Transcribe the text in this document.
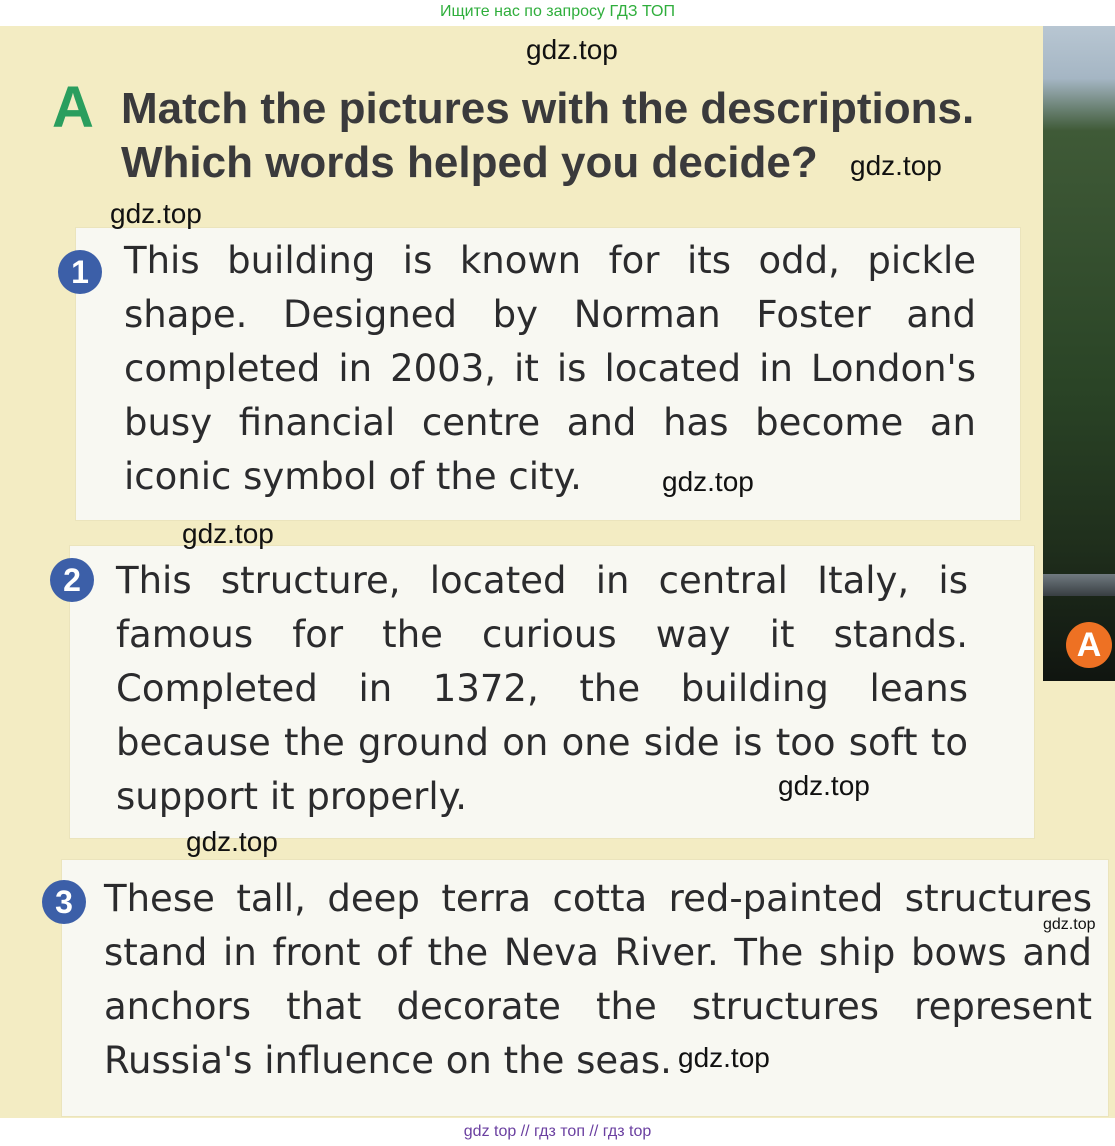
Ищите нас по запросу ГДЗ ТОП

A
A Match the pictures with the descriptions.
Which words helped you decide?
1 This building is known for its odd, pickle shape. Designed by Norman Foster and completed in 2003, it is located in London's busy financial centre and has become an iconic symbol of the city.

2 This structure, located in central Italy, is famous for the curious way it stands. Completed in 1372, the building leans because the ground on one side is too soft to support it properly.

3 These tall, deep terra cotta red-painted structures stand in front of the Neva River. The ship bows and anchors that decorate the structures represent Russia's influence on the seas.

gdz.top
gdz.top
gdz.top
gdz.top
gdz.top
gdz.top
gdz.top
gdz.top
gdz.top
gdz top // гдз топ // гдз top
